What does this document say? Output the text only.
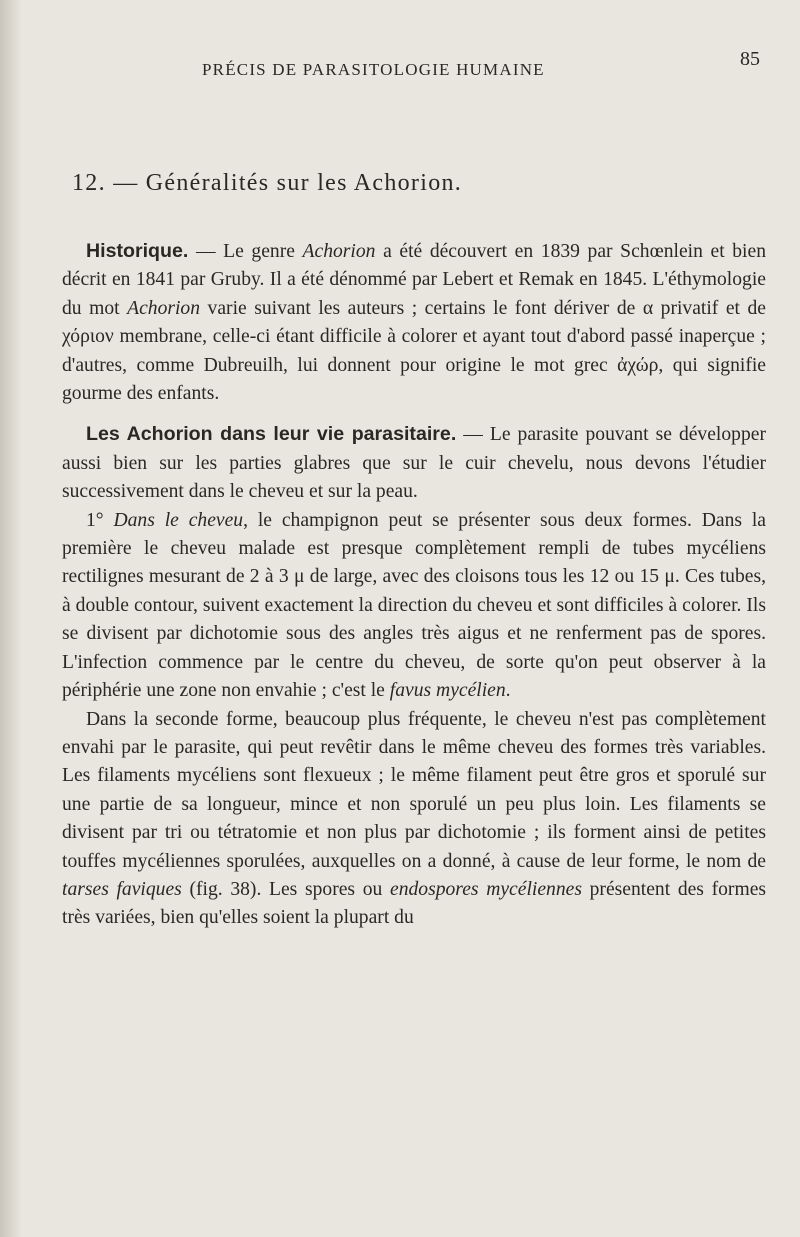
PRÉCIS DE PARASITOLOGIE HUMAINE	85
12. — Généralités sur les Achorion.

Historique. — Le genre Achorion a été découvert en 1839 par Schœnlein et bien décrit en 1841 par Gruby. Il a été dénommé par Lebert et Remak en 1845. L'éthymologie du mot Achorion varie suivant les auteurs ; certains le font dériver de α privatif et de χόριον membrane, celle-ci étant difficile à colorer et ayant tout d'abord passé inaperçue ; d'autres, comme Dubreuilh, lui donnent pour origine le mot grec ἀχώρ, qui signifie gourme des enfants.

Les Achorion dans leur vie parasitaire. — Le parasite pouvant se développer aussi bien sur les parties glabres que sur le cuir chevelu, nous devons l'étudier successivement dans le cheveu et sur la peau.

1° Dans le cheveu, le champignon peut se présenter sous deux formes. Dans la première le cheveu malade est presque complètement rempli de tubes mycéliens rectilignes mesurant de 2 à 3 μ de large, avec des cloisons tous les 12 ou 15 μ. Ces tubes, à double contour, suivent exactement la direction du cheveu et sont difficiles à colorer. Ils se divisent par dichotomie sous des angles très aigus et ne renferment pas de spores. L'infection commence par le centre du cheveu, de sorte qu'on peut observer à la périphérie une zone non envahie ; c'est le favus mycélien.

Dans la seconde forme, beaucoup plus fréquente, le cheveu n'est pas complètement envahi par le parasite, qui peut revêtir dans le même cheveu des formes très variables. Les filaments mycéliens sont flexueux ; le même filament peut être gros et sporulé sur une partie de sa longueur, mince et non sporulé un peu plus loin. Les filaments se divisent par tri ou tétratomie et non plus par dichotomie ; ils forment ainsi de petites touffes mycéliennes sporulées, auxquelles on a donné, à cause de leur forme, le nom de tarses faviques (fig. 38). Les spores ou endospores mycéliennes présentent des formes très variées, bien qu'elles soient la plupart du
